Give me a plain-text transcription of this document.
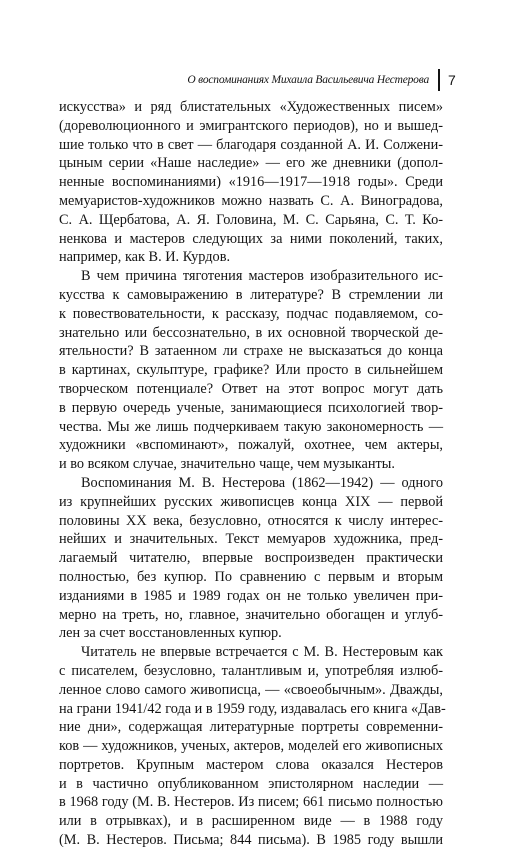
О воспоминаниях Михаила Васильевича Нестерова 7
искусства» и ряд блистательных «Художественных писем»
(дореволюционного и эмигрантского периодов), но и вышед-
шие только что в свет — благодаря созданной А. И. Солжени-
цыным серии «Наше наследие» — его же дневники (допол-
ненные воспоминаниями) «1916—1917—1918 годы». Среди
мемуаристов-художников можно назвать С. А. Виноградова,
С. А. Щербатова, А. Я. Головина, М. С. Сарьяна, С. Т. Ко-
ненкова и мастеров следующих за ними поколений, таких,
например, как В. И. Курдов.
В чем причина тяготения мастеров изобразительного ис-
кусства к самовыражению в литературе? В стремлении ли
к повествовательности, к рассказу, подчас подавляемом, со-
знательно или бессознательно, в их основной творческой де-
ятельности? В затаенном ли страхе не высказаться до конца
в картинах, скульптуре, графике? Или просто в сильнейшем
творческом потенциале? Ответ на этот вопрос могут дать
в первую очередь ученые, занимающиеся психологией твор-
чества. Мы же лишь подчеркиваем такую закономерность —
художники «вспоминают», пожалуй, охотнее, чем актеры,
и во всяком случае, значительно чаще, чем музыканты.
Воспоминания М. В. Нестерова (1862—1942) — одного
из крупнейших русских живописцев конца XIX — первой
половины XX века, безусловно, относятся к числу интерес-
нейших и значительных. Текст мемуаров художника, пред-
лагаемый читателю, впервые воспроизведен практически
полностью, без купюр. По сравнению с первым и вторым
изданиями в 1985 и 1989 годах он не только увеличен при-
мерно на треть, но, главное, значительно обогащен и углуб-
лен за счет восстановленных купюр.
Читатель не впервые встречается с М. В. Нестеровым как
с писателем, безусловно, талантливым и, употребляя излюб-
ленное слово самого живописца, — «своеобычным». Дважды,
на грани 1941/42 года и в 1959 году, издавалась его книга «Дав-
ние дни», содержащая литературные портреты современни-
ков — художников, ученых, актеров, моделей его живописных
портретов. Крупным мастером слова оказался Нестеров
и в частично опубликованном эпистолярном наследии —
в 1968 году (М. В. Нестеров. Из писем; 661 письмо полностью
или в отрывках), и в расширенном виде — в 1988 году
(М. В. Нестеров. Письма; 844 письма). В 1985 году вышли
